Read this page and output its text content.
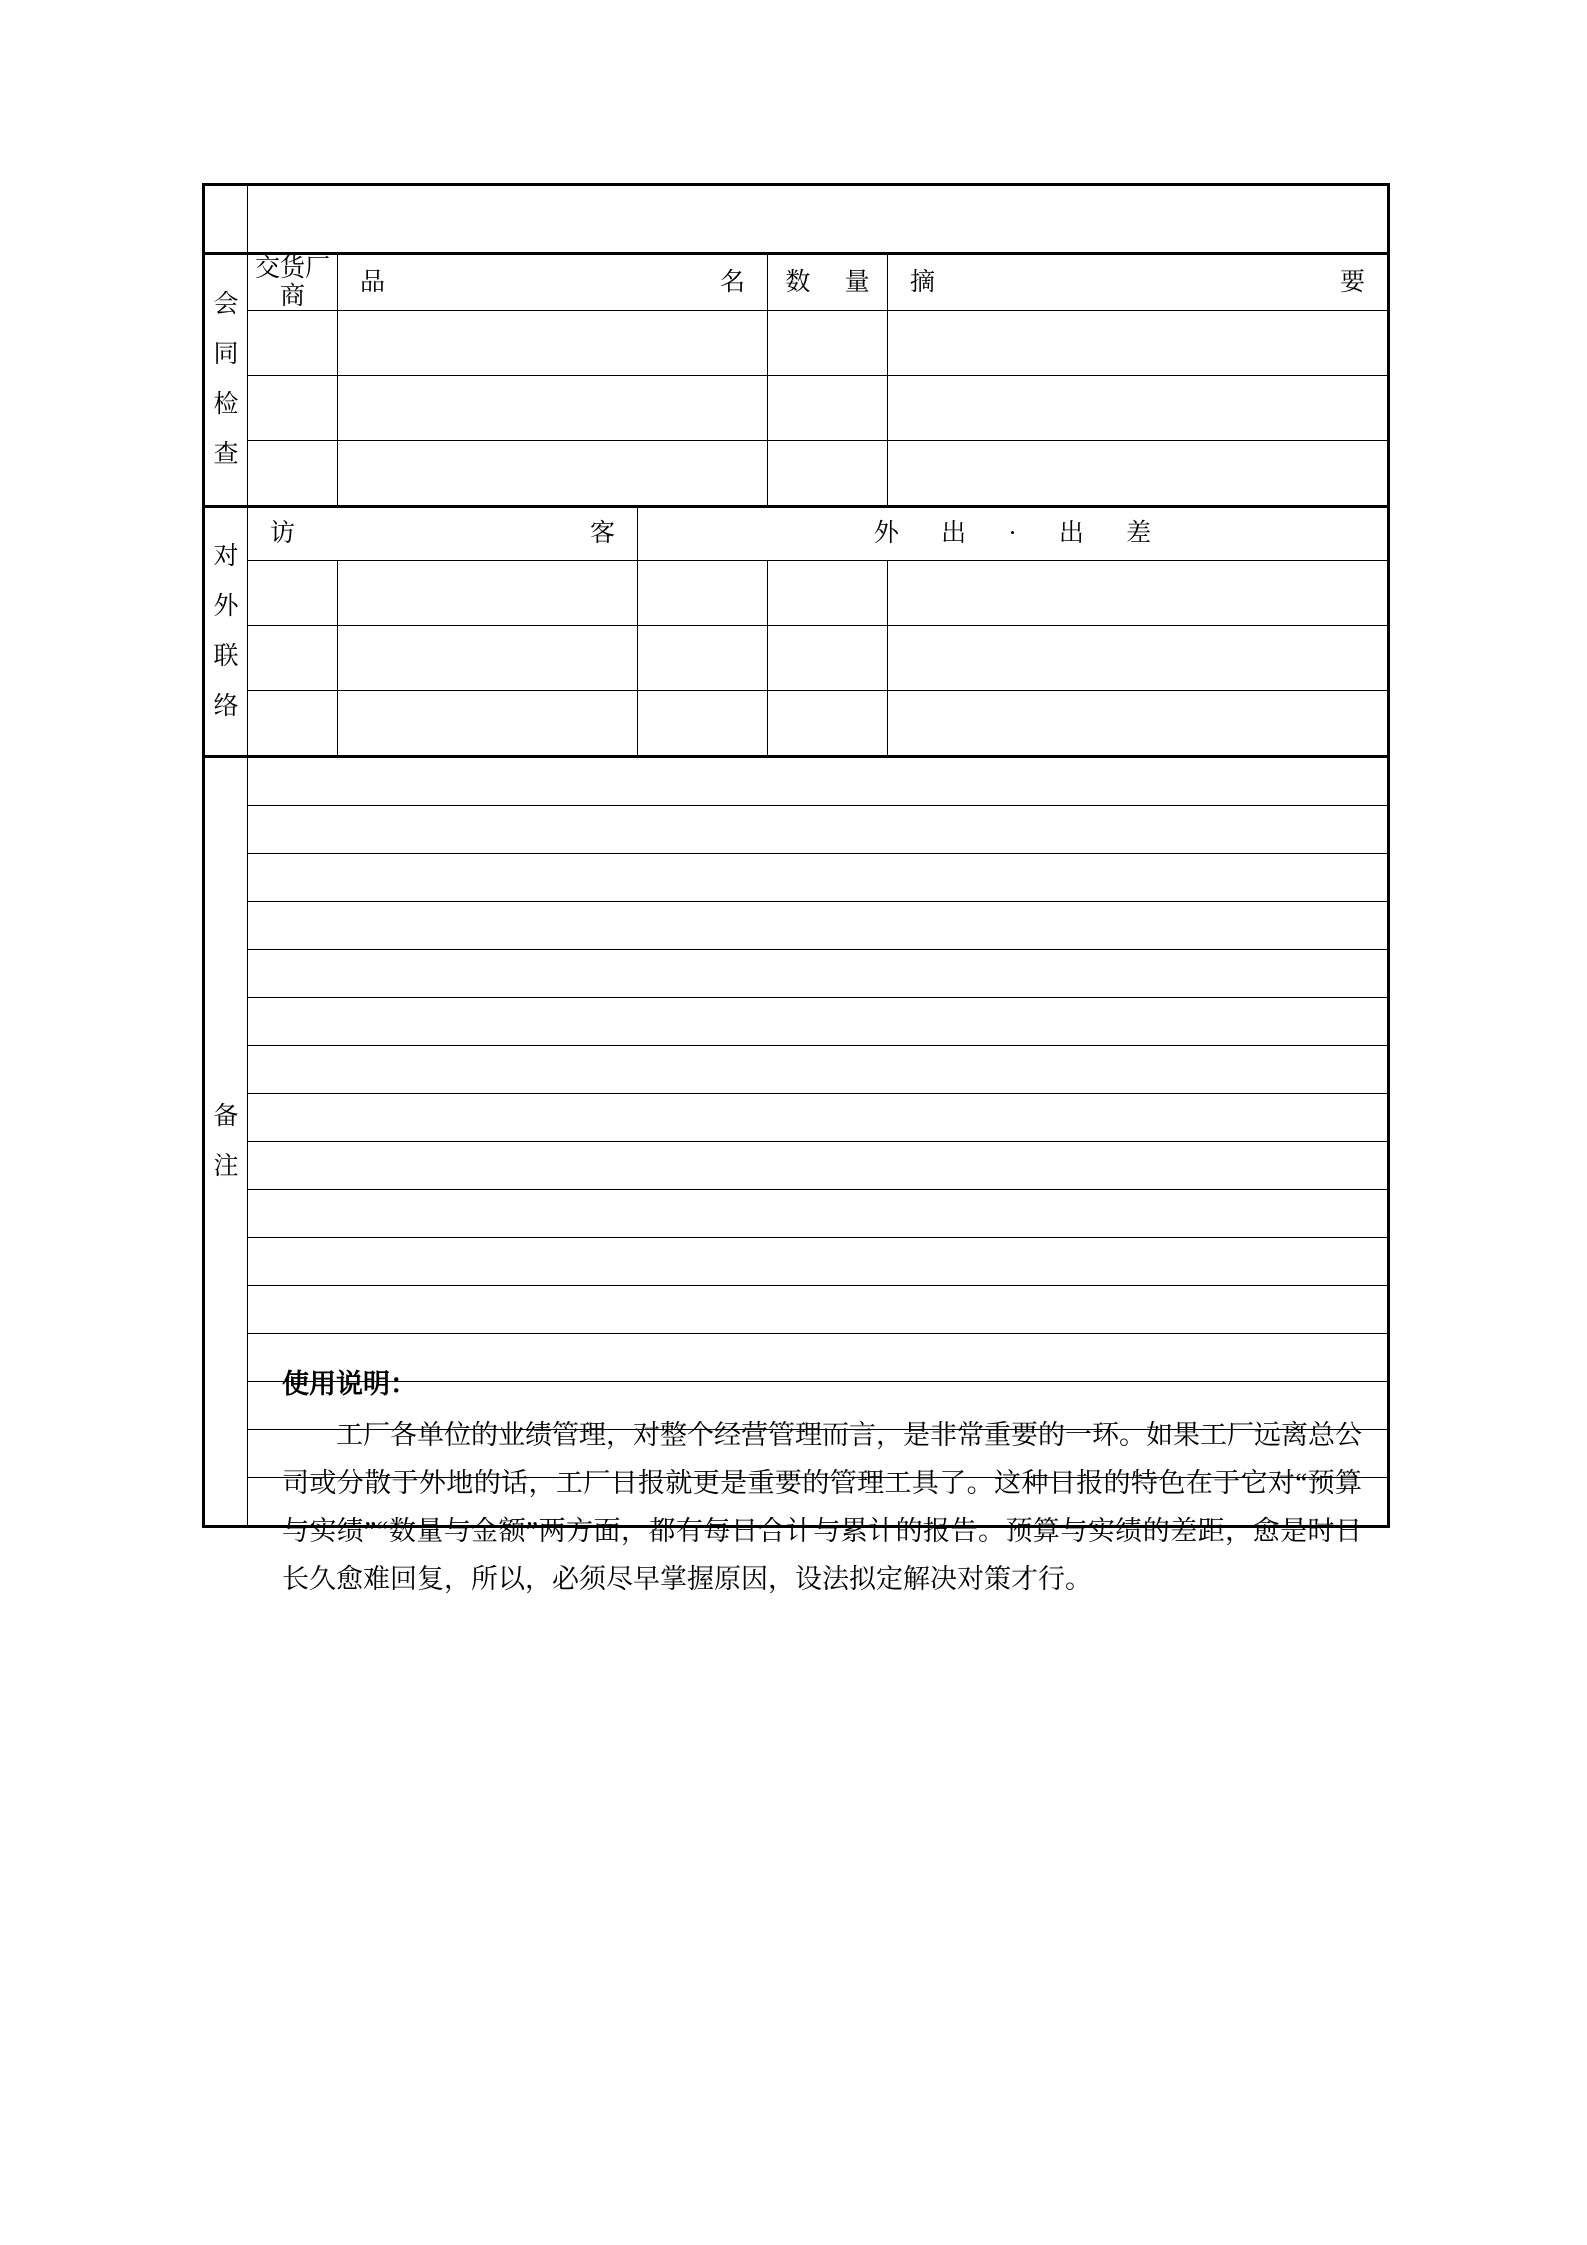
会
同
检
查	交货厂商	品 名		数 量	摘 要

对
外
联
络	访 客		外 出 · 出 差		

备
注					

使用说明：

工厂各单位的业绩管理，对整个经营管理而言，是非常重要的一环。如果工厂远离总公司或分散于外地的话，工厂日报就更是重要的管理工具了。这种日报的特色在于它对“预算与实绩”“数量与金额”两方面，都有每日合计与累计的报告。预算与实绩的差距，愈是时日长久愈难回复，所以，必须尽早掌握原因，设法拟定解决对策才行。
